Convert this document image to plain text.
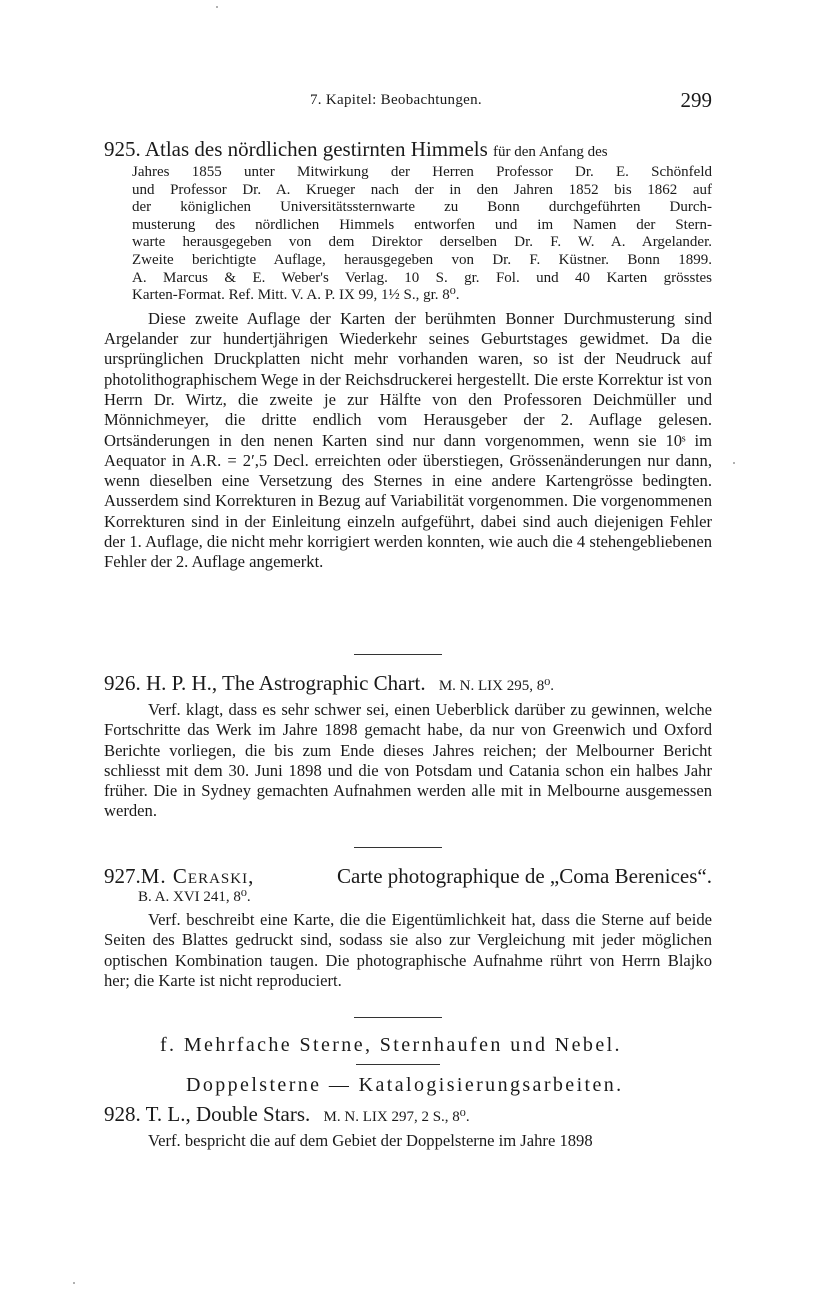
7. Kapitel: Beobachtungen.	299
925. Atlas des nördlichen gestirnten Himmels für den Anfang des
Jahres 1855 unter Mitwirkung der Herren Professor Dr. E. Schönfeld
und Professor Dr. A. Krueger nach der in den Jahren 1852 bis 1862 auf
der königlichen Universitätssternwarte zu Bonn durchgeführten Durch-
musterung des nördlichen Himmels entworfen und im Namen der Stern-
warte herausgegeben von dem Direktor derselben Dr. F. W. A. Argelander.
Zweite berichtigte Auflage, herausgegeben von Dr. F. Küstner. Bonn 1899.
A. Marcus & E. Weber's Verlag. 10 S. gr. Fol. und 40 Karten grösstes
Karten-Format. Ref. Mitt. V. A. P. IX 99, 1½ S., gr. 8⁰.
Diese zweite Auflage der Karten der berühmten Bonner Durchmusterung sind Argelander zur hundertjährigen Wiederkehr seines Geburtstages gewidmet. Da die ursprünglichen Druckplatten nicht mehr vorhanden waren, so ist der Neudruck auf photolithographischem Wege in der Reichsdruckerei hergestellt. Die erste Korrektur ist von Herrn Dr. Wirtz, die zweite je zur Hälfte von den Professoren Deichmüller und Mönnichmeyer, die dritte endlich vom Herausgeber der 2. Auflage gelesen. Ortsänderungen in den nenen Karten sind nur dann vorgenommen, wenn sie 10ˢ im Aequator in A.R. = 2′,5 Decl. erreichten oder überstiegen, Grössenänderungen nur dann, wenn dieselben eine Versetzung des Sternes in eine andere Kartengrösse bedingten. Ausserdem sind Korrekturen in Bezug auf Variabilität vorgenommen. Die vorgenommenen Korrekturen sind in der Einleitung einzeln aufgeführt, dabei sind auch diejenigen Fehler der 1. Auflage, die nicht mehr korrigiert werden konnten, wie auch die 4 stehengebliebenen Fehler der 2. Auflage angemerkt.
926. H. P. H., The Astrographic Chart. M. N. LIX 295, 8⁰.
Verf. klagt, dass es sehr schwer sei, einen Ueberblick darüber zu gewinnen, welche Fortschritte das Werk im Jahre 1898 gemacht habe, da nur von Greenwich und Oxford Berichte vorliegen, die bis zum Ende dieses Jahres reichen; der Melbourner Bericht schliesst mit dem 30. Juni 1898 und die von Potsdam und Catania schon ein halbes Jahr früher. Die in Sydney gemachten Aufnahmen werden alle mit in Melbourne ausgemessen werden.
927. M. Ceraski,	Carte photographique de „Coma Berenices“.
B. A. XVI 241, 8⁰.
Verf. beschreibt eine Karte, die die Eigentümlichkeit hat, dass die Sterne auf beide Seiten des Blattes gedruckt sind, sodass sie also zur Vergleichung mit jeder möglichen optischen Kombination taugen. Die photographische Aufnahme rührt von Herrn Blajko her; die Karte ist nicht reproduciert.
f. Mehrfache Sterne, Sternhaufen und Nebel.
Doppelsterne — Katalogisierungsarbeiten.
928. T. L., Double Stars. M. N. LIX 297, 2 S., 8⁰.
Verf. bespricht die auf dem Gebiet der Doppelsterne im Jahre 1898
